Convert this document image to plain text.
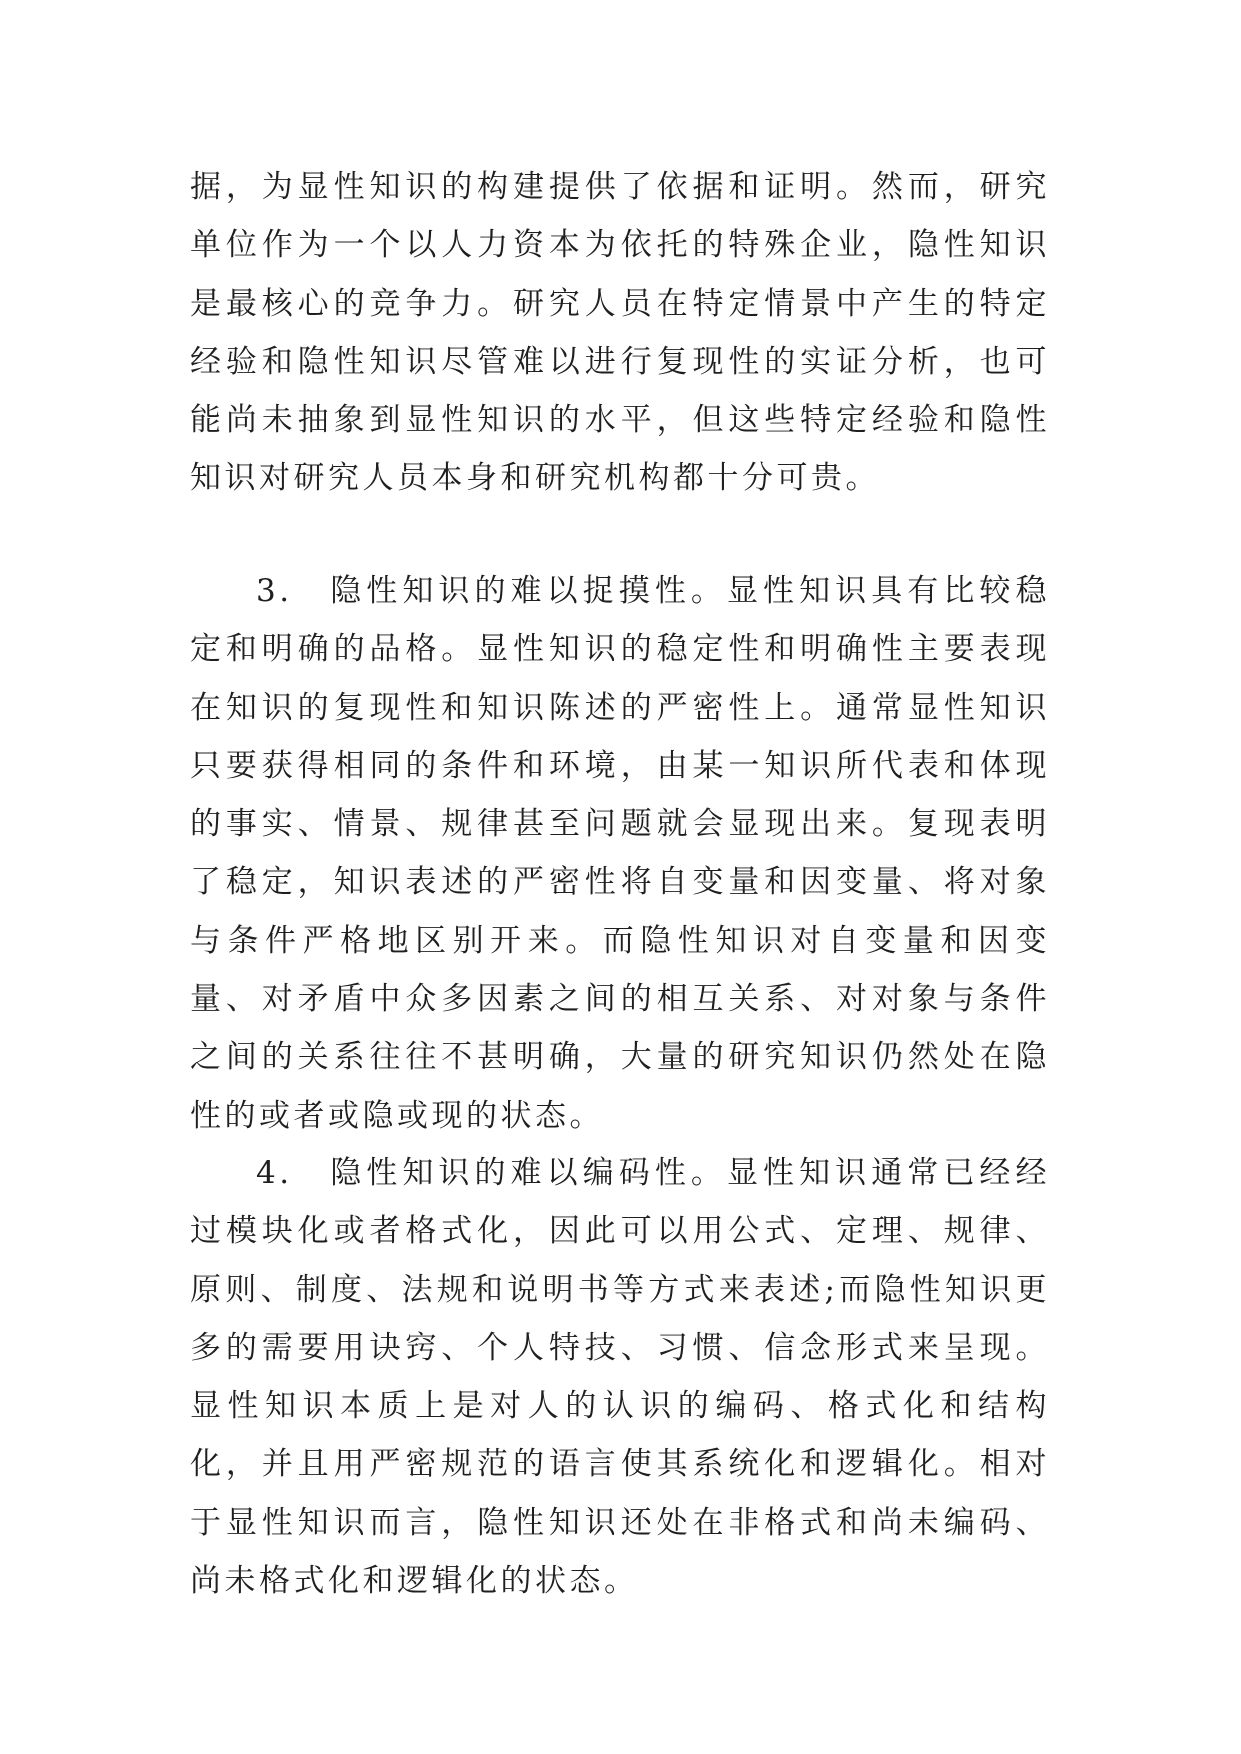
据，为显性知识的构建提供了依据和证明。然而，研究单位作为一个以人力资本为依托的特殊企业，隐性知识是最核心的竞争力。研究人员在特定情景中产生的特定经验和隐性知识尽管难以进行复现性的实证分析，也可能尚未抽象到显性知识的水平，但这些特定经验和隐性知识对研究人员本身和研究机构都十分可贵。

3.　隐性知识的难以捉摸性。显性知识具有比较稳定和明确的品格。显性知识的稳定性和明确性主要表现在知识的复现性和知识陈述的严密性上。通常显性知识只要获得相同的条件和环境，由某一知识所代表和体现的事实、情景、规律甚至问题就会显现出来。复现表明了稳定，知识表述的严密性将自变量和因变量、将对象与条件严格地区别开来。而隐性知识对自变量和因变量、对矛盾中众多因素之间的相互关系、对对象与条件之间的关系往往不甚明确，大量的研究知识仍然处在隐性的或者或隐或现的状态。

4.　隐性知识的难以编码性。显性知识通常已经经过模块化或者格式化，因此可以用公式、定理、规律、原则、制度、法规和说明书等方式来表述;而隐性知识更多的需要用诀窍、个人特技、习惯、信念形式来呈现。显性知识本质上是对人的认识的编码、格式化和结构化，并且用严密规范的语言使其系统化和逻辑化。相对于显性知识而言，隐性知识还处在非格式和尚未编码、尚未格式化和逻辑化的状态。
